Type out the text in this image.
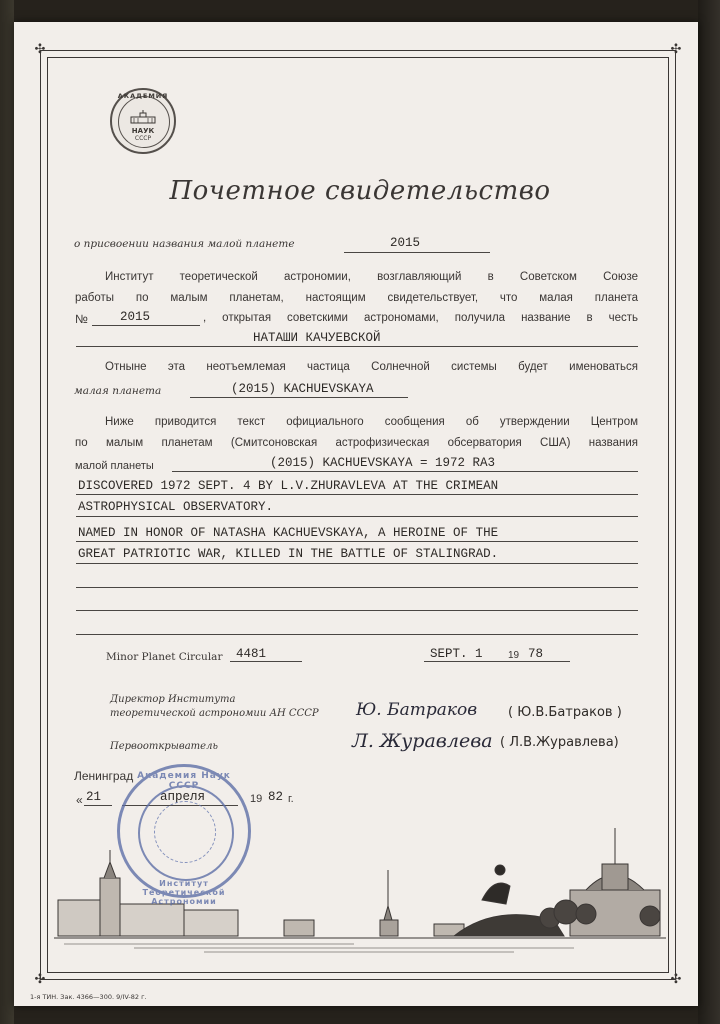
✣	✣
✣	✣
АКАДЕМИЯ
НАУК
СССР
Почетное свидетельство
о присвоении названия малой планете	2015
Институт теоретической астрономии, возглавляющий в Советском Союзе
работы по малым планетам, настоящим свидетельствует, что малая планета
№	2015	, открытая советскими астрономами, получила название в честь
НАТАШИ КАЧУЕВСКОЙ
Отныне эта неотъемлемая частица Солнечной системы будет именоваться
малая планета	(2015) KACHUEVSKAYA
Ниже приводится текст официального сообщения об утверждении Центром
по малым планетам (Смитсоновская астрофизическая обсерватория США) названия
малой планеты	(2015) KACHUEVSKAYA = 1972 RA3
DISCOVERED 1972 SEPT. 4 BY L.V.ZHURAVLEVA AT THE CRIMEAN
ASTROPHYSICAL OBSERVATORY.
NAMED IN HONOR OF NATASHA KACHUEVSKAYA, A HEROINE OF THE
GREAT PATRIOTIC WAR, KILLED IN THE BATTLE OF STALINGRAD.
Minor Planet Circular 4481	SEPT. 1	19 78
Директор Института
теоретической астрономии АН СССР Ю. Батраков ( Ю.В.Батраков )
Первооткрыватель	Л. Журавлева ( Л.В.Журавлева)
Ленинград
« 21	апреля	19 82 г.
Академия Наук СССР
Институт Теоретической Астрономии
1-я ТИН. Зак. 4366—300. 9/IV-82 г.
